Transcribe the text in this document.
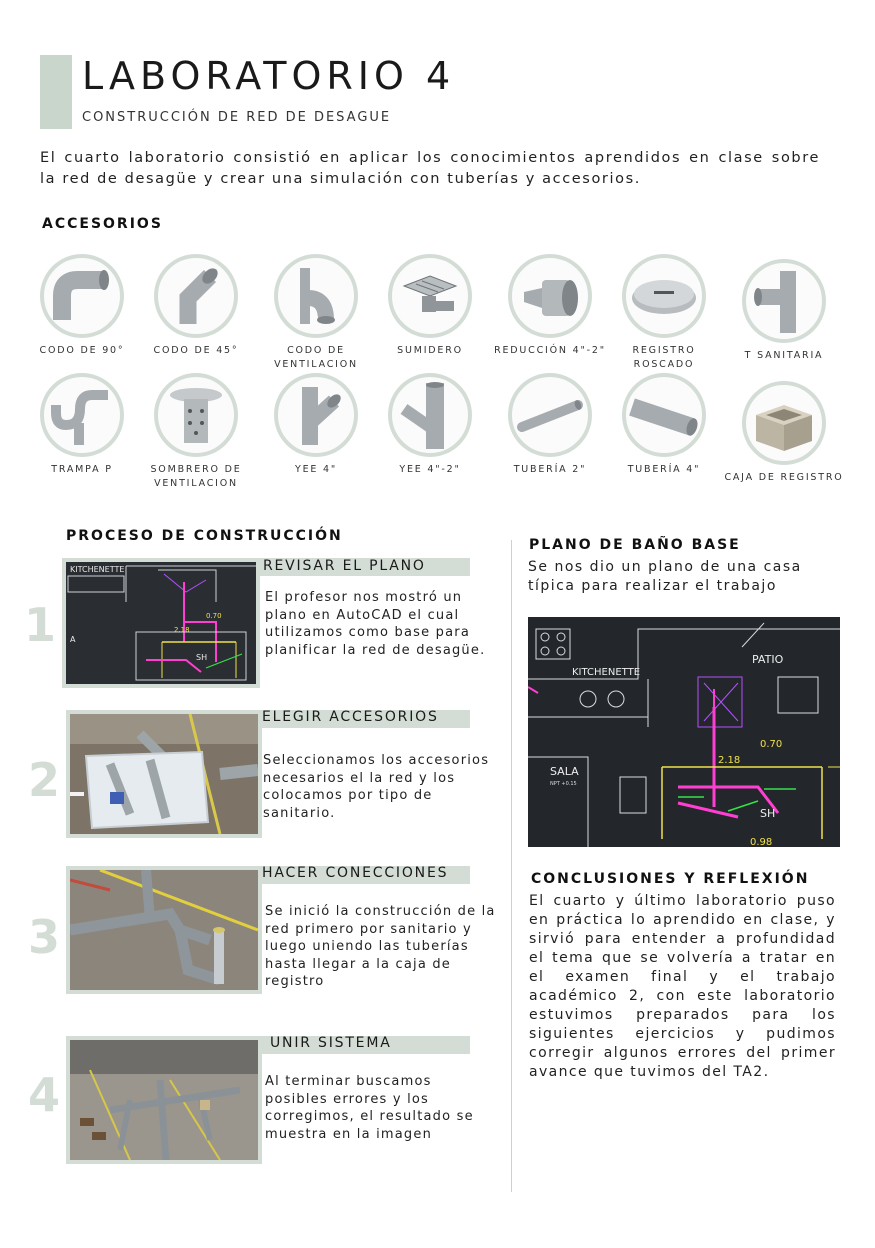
LABORATORIO 4
CONSTRUCCIÓN DE RED DE DESAGUE

El cuarto laboratorio consistió en aplicar los conocimientos aprendidos en clase sobre la red de desagüe y crear una simulación con tuberías y accesorios.

ACCESORIOS
CODO DE 90°	CODO DE 45°	CODO DE VENTILACION
SUMIDERO	REDUCCIÓN 4"-2"	REGISTRO ROSCADO
T SANITARIA
TRAMPA P	SOMBRERO DE VENTILACION
YEE 4"	YEE 4"-2"	TUBERÍA 2"	TUBERÍA 4"
CAJA DE REGISTRO
PROCESO DE CONSTRUCCIÓN
1
KITCHENETTE
SH
0.70
2.18
A
REVISAR EL PLANO
El profesor nos mostró un plano en AutoCAD el cual utilizamos como base para planificar la red de desagüe.
2
ELEGIR ACCESORIOS
Seleccionamos los accesorios necesarios el la red y los colocamos por tipo de sanitario.
3
HACER CONECCIONES
Se inició la construcción de la red primero por sanitario y luego uniendo las tuberías hasta llegar a la caja de registro
4
UNIR SISTEMA
Al terminar buscamos posibles errores y los corregimos, el resultado se muestra en la imagen
PLANO DE BAÑO BASE

Se nos dio un plano de una casa típica para realizar el trabajo

KITCHENETTE
PATIO
0.70
2.18
0.98
SH
SALA
NPT +0.15
CONCLUSIONES Y REFLEXIÓN

El cuarto y último laboratorio puso en práctica lo aprendido en clase, y sirvió para entender a profundidad el tema que se volvería a tratar en el examen final y el trabajo académico 2, con este laboratorio estuvimos preparados para los siguientes ejercicios y pudimos corregir algunos errores del primer avance que tuvimos del TA2.
